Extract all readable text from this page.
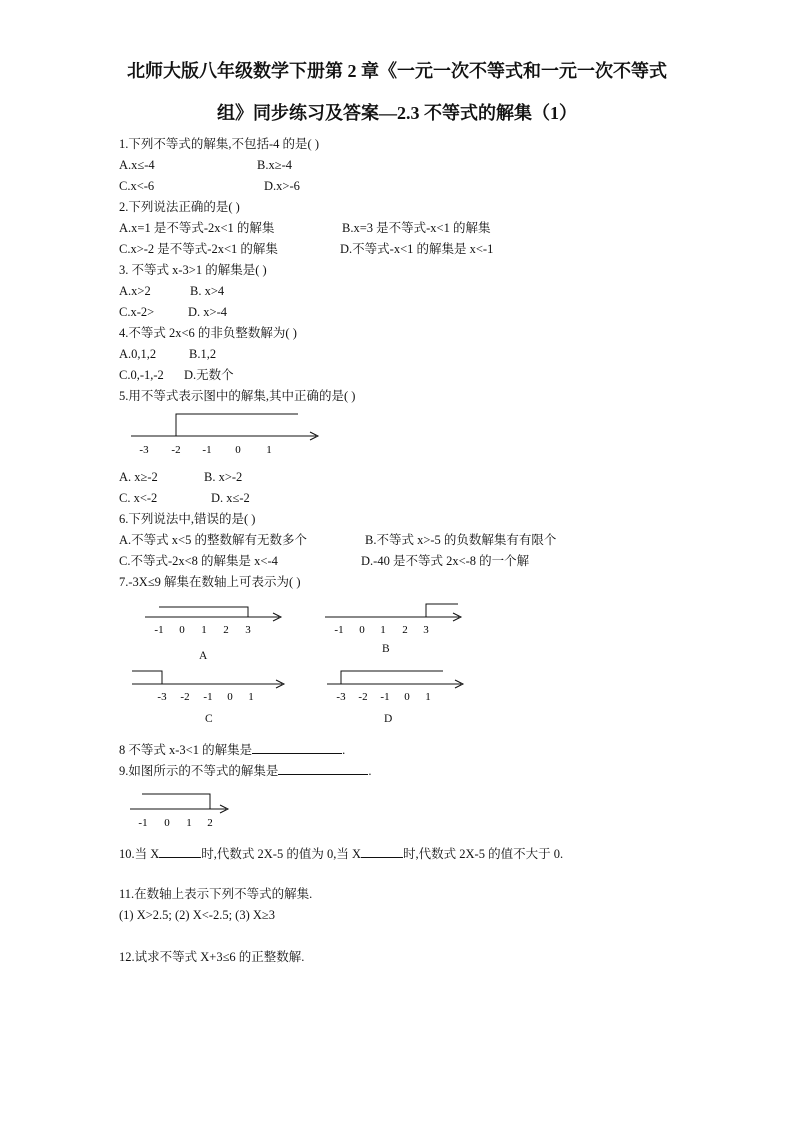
北师大版八年级数学下册第 2 章《一元一次不等式和一元一次不等式
组》同步练习及答案—2.3 不等式的解集（1）
1.下列不等式的解集,不包括-4 的是( )
A.x≤-4	B.x≥-4
C.x<-6	D.x>-6
2.下列说法正确的是( )
A.x=1 是不等式-2x<1 的解集	B.x=3 是不等式-x<1 的解集
C.x>-2 是不等式-2x<1 的解集	D.不等式-x<1 的解集是 x<-1
3. 不等式 x-3>1 的解集是( )
A.x>2	B. x>4
C.x-2>	D. x>-4
4.不等式 2x<6 的非负整数解为( )
A.0,1,2	B.1,2
C.0,-1,-2 D.无数个
5.用不等式表示图中的解集,其中正确的是( )
-3 -2 -1 0 1
A. x≥-2	B. x>-2
C. x<-2	D. x≤-2
6.下列说法中,错误的是( )
A.不等式 x<5 的整数解有无数多个	B.不等式 x>-5 的负数解集有有限个
C.不等式-2x<8 的解集是 x<-4	D.-40 是不等式 2x<-8 的一个解
7.-3X≤9 解集在数轴上可表示为( )
-1 0 1 2 3
A
-1 0 1 2 3
B
-3 -2 -1 0 1
C
-3 -2 -1 0 1
D
8 不等式 x-3<1 的解集是	.
9.如图所示的不等式的解集是	.
-1 0 1 2
10.当 X	时,代数式 2X-5 的值为 0,当 X	时,代数式 2X-5 的值不大于 0.
11.在数轴上表示下列不等式的解集.
(1) X>2.5; (2) X<-2.5; (3) X≥3
12.试求不等式 X+3≤6 的正整数解.
